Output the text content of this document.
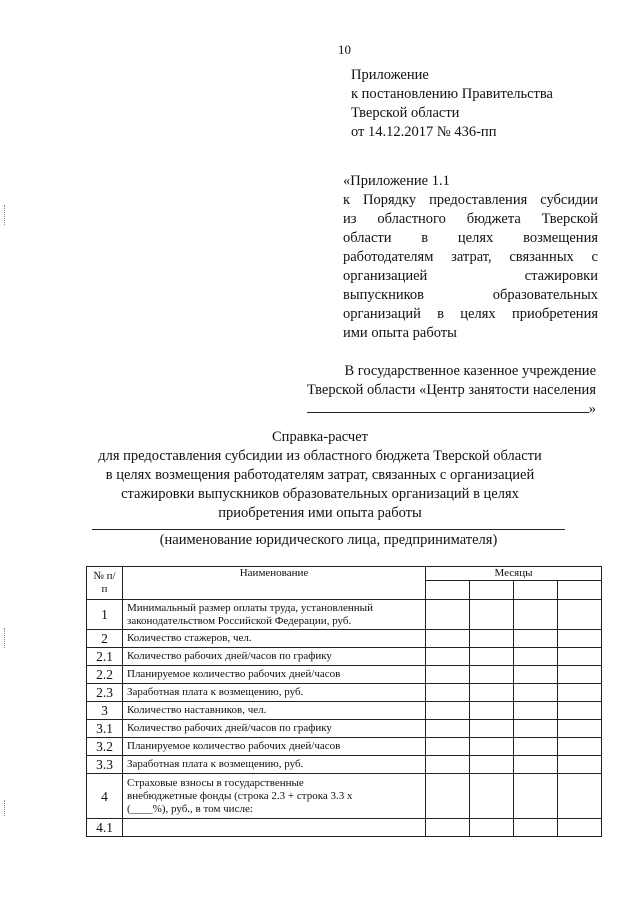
10
Приложение
к постановлению Правительства
Тверской области
от 14.12.2017 № 436-пп
«Приложение 1.1
к Порядку предоставления субсидии
из областного бюджета Тверской
области в целях возмещения
работодателям затрат, связанных с
организацией стажировки
выпускников образовательных
организаций в целях приобретения
ими опыта работы
В государственное казенное учреждение
Тверской области «Центр занятости населения
»
Справка-расчет
для предоставления субсидии из областного бюджета Тверской области
в целях возмещения работодателям затрат, связанных с организацией
стажировки выпускников образовательных организаций в целях
приобретения ими опыта работы
(наименование юридического лица, предпринимателя)
№ п/п	Наименование	Месяцы			

1	Минимальный размер оплаты труда, установленный
законодательством Российской Федерации, руб.				

2	Количество стажеров, чел.				

2.1	Количество рабочих дней/часов по графику				

2.2	Планируемое количество рабочих дней/часов				

2.3	Заработная плата к возмещению, руб.				

3	Количество наставников, чел.				

3.1	Количество рабочих дней/часов по графику				

3.2	Планируемое количество рабочих дней/часов				

3.3	Заработная плата к возмещению, руб.				

4	Страховые взносы в государственные
внебюджетные фонды (строка 2.3 + строка 3.3 х
(____%), руб., в том числе:				

4.1	
